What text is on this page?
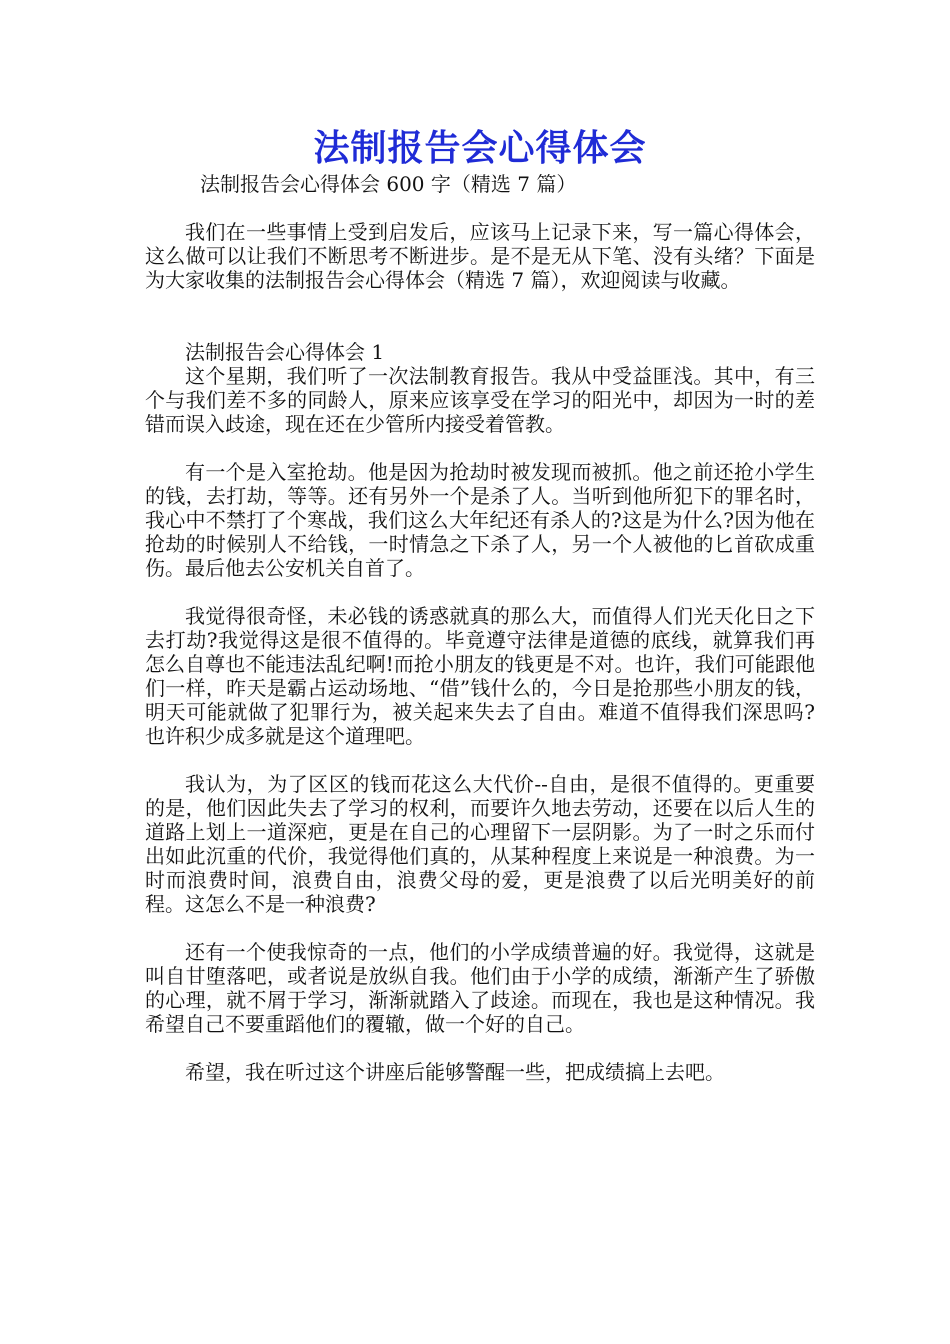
法制报告会心得体会

法制报告会心得体会 600 字（精选 7 篇）

我们在一些事情上受到启发后，应该马上记录下来，写一篇心得体会，这么做可以让我们不断思考不断进步。是不是无从下笔、没有头绪？下面是为大家收集的法制报告会心得体会（精选 7 篇），欢迎阅读与收藏。

法制报告会心得体会 1

这个星期，我们听了一次法制教育报告。我从中受益匪浅。其中，有三个与我们差不多的同龄人，原来应该享受在学习的阳光中，却因为一时的差错而误入歧途，现在还在少管所内接受着管教。

有一个是入室抢劫。他是因为抢劫时被发现而被抓。他之前还抢小学生的钱，去打劫，等等。还有另外一个是杀了人。当听到他所犯下的罪名时，我心中不禁打了个寒战，我们这么大年纪还有杀人的?这是为什么?因为他在抢劫的时候别人不给钱，一时情急之下杀了人，另一个人被他的匕首砍成重伤。最后他去公安机关自首了。

我觉得很奇怪，未必钱的诱惑就真的那么大，而值得人们光天化日之下去打劫?我觉得这是很不值得的。毕竟遵守法律是道德的底线，就算我们再怎么自尊也不能违法乱纪啊!而抢小朋友的钱更是不对。也许，我们可能跟他们一样，昨天是霸占运动场地、“借”钱什么的，今日是抢那些小朋友的钱，明天可能就做了犯罪行为，被关起来失去了自由。难道不值得我们深思吗?也许积少成多就是这个道理吧。

我认为，为了区区的钱而花这么大代价--自由，是很不值得的。更重要的是，他们因此失去了学习的权利，而要许久地去劳动，还要在以后人生的道路上划上一道深疤，更是在自己的心理留下一层阴影。为了一时之乐而付出如此沉重的代价，我觉得他们真的，从某种程度上来说是一种浪费。为一时而浪费时间，浪费自由，浪费父母的爱，更是浪费了以后光明美好的前程。这怎么不是一种浪费?

还有一个使我惊奇的一点，他们的小学成绩普遍的好。我觉得，这就是叫自甘堕落吧，或者说是放纵自我。他们由于小学的成绩，渐渐产生了骄傲的心理，就不屑于学习，渐渐就踏入了歧途。而现在，我也是这种情况。我希望自己不要重蹈他们的覆辙，做一个好的自己。

希望，我在听过这个讲座后能够警醒一些，把成绩搞上去吧。
